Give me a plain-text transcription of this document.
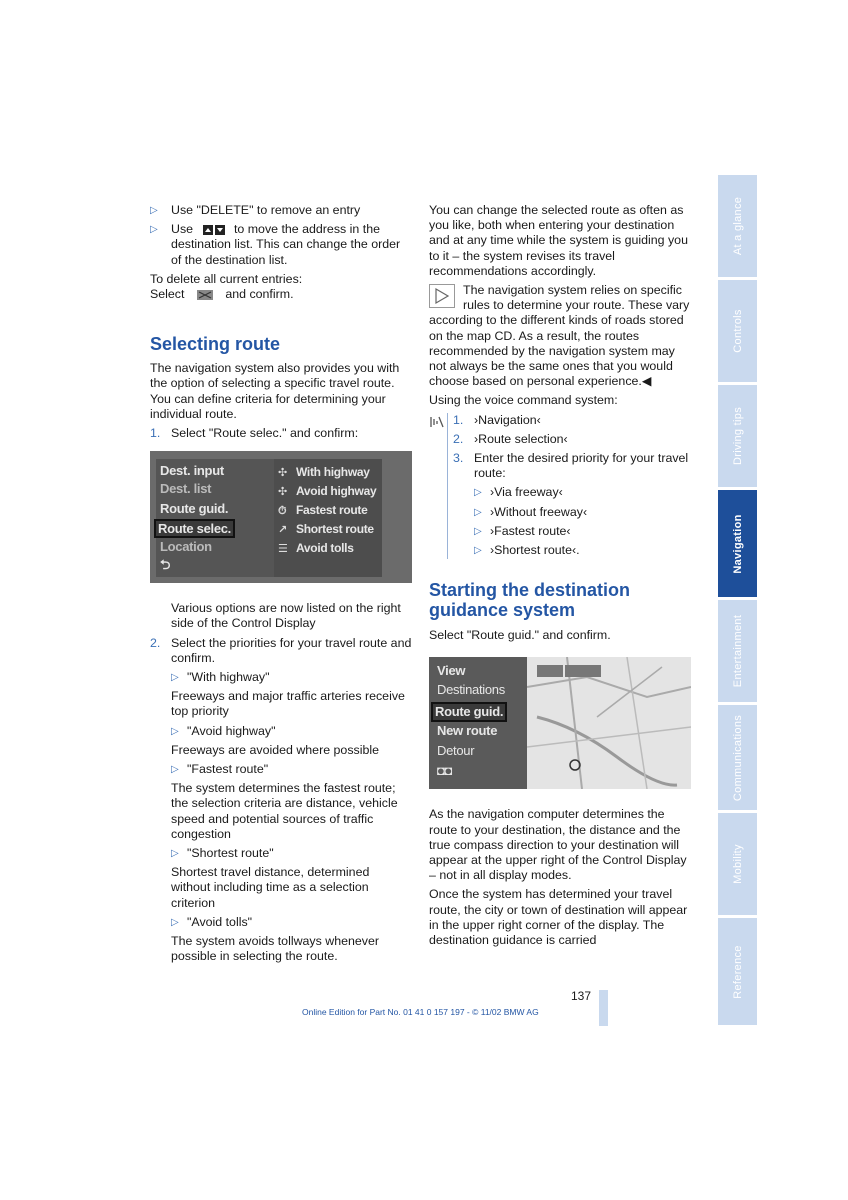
▷	Use "DELETE" to remove an entry
▷	Use	to move the address in the destination list. This can change the order of the destination list.
To delete all current entries:
Select	and confirm.
Selecting route
The navigation system also provides you with the option of selecting a specific travel route. You can define criteria for determining your individual route.
1. Select "Route selec." and confirm:
Dest. input
Dest. list
Route guid.
Route selec.
Location
⮌
✣ With highway
✣ Avoid highway
⏱ Fastest route
↗ Shortest route
☰ Avoid tolls
Various options are now listed on the right side of the Control Display
2. Select the priorities for your travel route and confirm.
▷ "With highway"
Freeways and major traffic arteries receive top priority
▷ "Avoid highway"
Freeways are avoided where possible
▷ "Fastest route"
The system determines the fastest route; the selection criteria are distance, vehicle speed and potential sources of traffic congestion
▷ "Shortest route"
Shortest travel distance, determined without including time as a selection criterion
▷ "Avoid tolls"
The system avoids tollways whenever possible in selecting the route.
You can change the selected route as often as you like, both when entering your destination and at any time while the system is guiding you to it – the system revises its travel recommendations accordingly.
The navigation system relies on specific rules to determine your route. These vary according to the different kinds of roads stored on the map CD. As a result, the routes recommended by the navigation system may not always be the same ones that you would choose based on personal experience.◀
Using the voice command system:
1. ›Navigation‹
2. ›Route selection‹
3. Enter the desired priority for your travel route:
▷ ›Via freeway‹
▷ ›Without freeway‹
▷ ›Fastest route‹
▷ ›Shortest route‹.
Starting the destination guidance system
Select "Route guid." and confirm.
View
Destinations
Route guid.
New route
Detour
◘◘
As the navigation computer determines the route to your destination, the distance and the true compass direction to your destination will appear at the upper right of the Control Display – not in all display modes.
Once the system has determined your travel route, the city or town of destination will appear in the upper right corner of the display. The destination guidance is carried
At a glance
Controls
Driving tips
Navigation
Entertainment
Communications
Mobility
Reference
137
Online Edition for Part No. 01 41 0 157 197 - © 11/02 BMW AG
